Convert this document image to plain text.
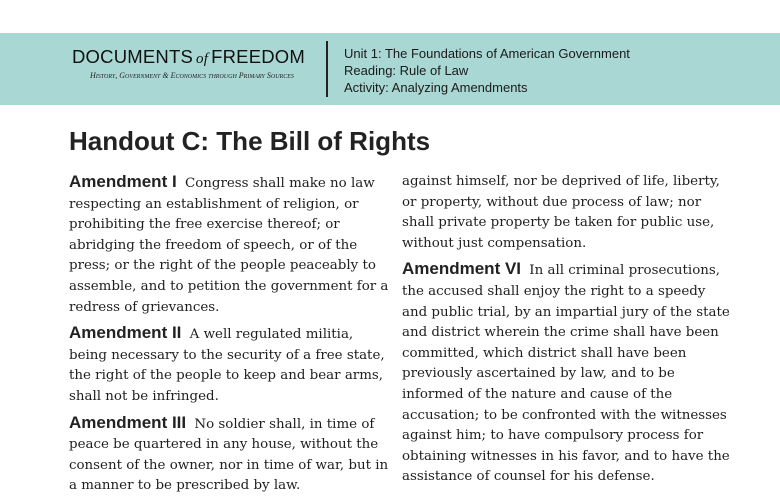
DOCUMENTS of FREEDOM
History, Government & Economics through Primary Sources
Unit 1: The Foundations of American Government
Reading: Rule of Law
Activity: Analyzing Amendments
Handout C: The Bill of Rights

Amendment I Congress shall make no law respecting an establishment of religion, or prohibiting the free exercise thereof; or abridging the freedom of speech, or of the press; or the right of the people peaceably to assemble, and to petition the government for a redress of grievances.

Amendment II A well regulated militia, being necessary to the security of a free state, the right of the people to keep and bear arms, shall not be infringed.

Amendment III No soldier shall, in time of peace be quartered in any house, without the consent of the owner, nor in time of war, but in a manner to be prescribed by law.

against himself, nor be deprived of life, liberty, or property, without due process of law; nor shall private property be taken for public use, without just compensation.

Amendment VI In all criminal prosecutions, the accused shall enjoy the right to a speedy and public trial, by an impartial jury of the state and district wherein the crime shall have been committed, which district shall have been previously ascertained by law, and to be informed of the nature and cause of the accusation; to be confronted with the witnesses against him; to have compulsory process for obtaining witnesses in his favor, and to have the assistance of counsel for his defense.
